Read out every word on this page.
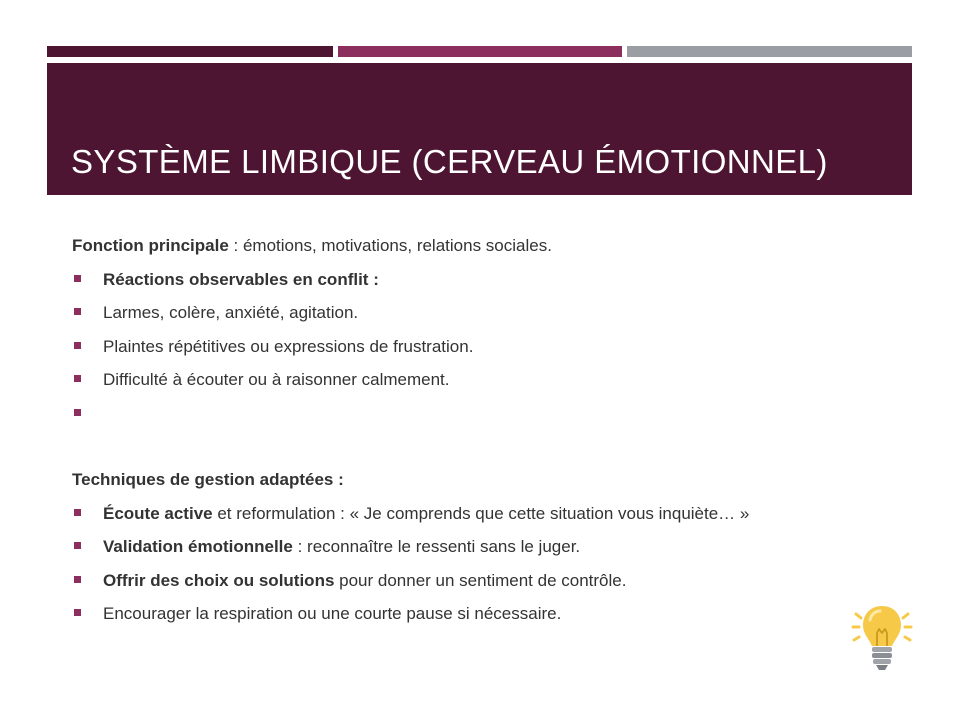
SYSTÈME LIMBIQUE (CERVEAU ÉMOTIONNEL)
Fonction principale : émotions, motivations, relations sociales.
Réactions observables en conflit :
Larmes, colère, anxiété, agitation.
Plaintes répétitives ou expressions de frustration.
Difficulté à écouter ou à raisonner calmement.
Techniques de gestion adaptées :
Écoute active et reformulation : « Je comprends que cette situation vous inquiète… »
Validation émotionnelle : reconnaître le ressenti sans le juger.
Offrir des choix ou solutions pour donner un sentiment de contrôle.
Encourager la respiration ou une courte pause si nécessaire.
